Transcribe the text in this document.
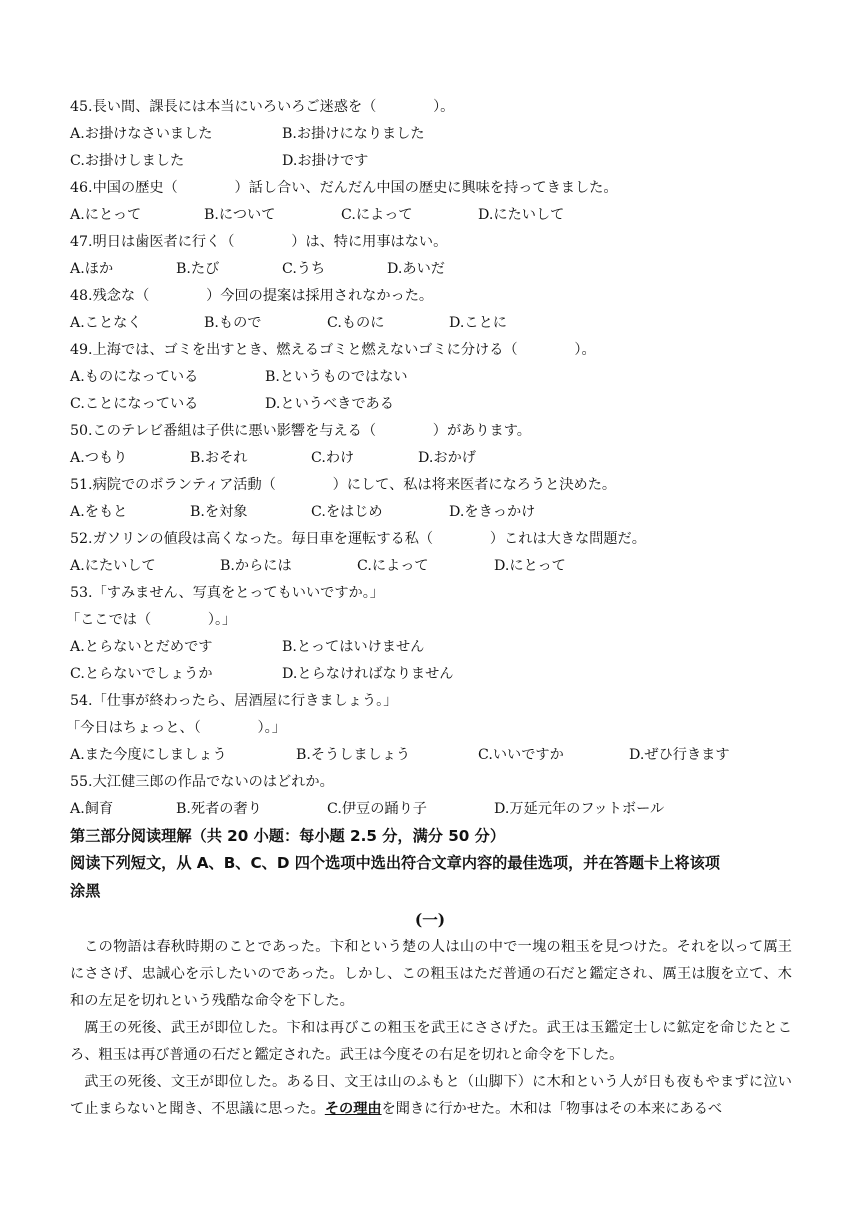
45.長い間、課長には本当にいろいろご迷惑を（　　　　）。
A.お掛けなさいました	B.お掛けになりました
C.お掛けしました	D.お掛けです
46.中国の歴史（　　　　）話し合い、だんだん中国の歴史に興味を持ってきました。
A.にとって	B.について	C.によって	D.にたいして
47.明日は歯医者に行く（　　　　）は、特に用事はない。
A.ほか	B.たび	C.うち	D.あいだ
48.残念な（　　　　）今回の提案は採用されなかった。
A.ことなく	B.もので	C.ものに	D.ことに
49.上海では、ゴミを出すとき、燃えるゴミと燃えないゴミに分ける（　　　　）。
A.ものになっている	B.というものではない
C.ことになっている	D.というべきである
50.このテレビ番組は子供に悪い影響を与える（　　　　）があります。
A.つもり	B.おそれ	C.わけ	D.おかげ
51.病院でのボランティア活動（　　　　）にして、私は将来医者になろうと決めた。
A.をもと	B.を対象	C.をはじめ	D.をきっかけ
52.ガソリンの値段は高くなった。毎日車を運転する私（　　　　）これは大きな問題だ。
A.にたいして	B.からには	C.によって	D.にとって
53.「すみません、写真をとってもいいですか。」
「ここでは（　　　　）。」
A.とらないとだめです	B.とってはいけません
C.とらないでしょうか	D.とらなければなりません
54.「仕事が終わったら、居酒屋に行きましょう。」
「今日はちょっと、（　　　　）。」
A.また今度にしましょう	B.そうしましょう	C.いいですか	D.ぜひ行きます
55.大江健三郎の作品でないのはどれか。
A.飼育	B.死者の奢り	C.伊豆の踊り子	D.万延元年のフットボール
第三部分阅读理解（共 20 小题：每小题 2.5 分，满分 50 分）
阅读下列短文，从 A、B、C、D 四个选项中选出符合文章内容的最佳选项，并在答题卡上将该项
涂黑
(一)
この物語は春秋時期のことであった。卞和という楚の人は山の中で一塊の粗玉を見つけた。それを以って厲王にささげ、忠誠心を示したいのであった。しかし、この粗玉はただ普通の石だと鑑定され、厲王は腹を立て、木和の左足を切れという残酷な命令を下した。
厲王の死後、武王が即位した。卞和は再びこの粗玉を武王にささげた。武王は玉鑑定士しに鉱定を命じたところ、粗玉は再び普通の石だと鑑定された。武王は今度その右足を切れと命令を下した。
武王の死後、文王が即位した。ある日、文王は山のふもと（山脚下）に木和という人が日も夜もやまずに泣いて止まらないと聞き、不思議に思った。その理由を聞きに行かせた。木和は「物事はその本来にあるべ
